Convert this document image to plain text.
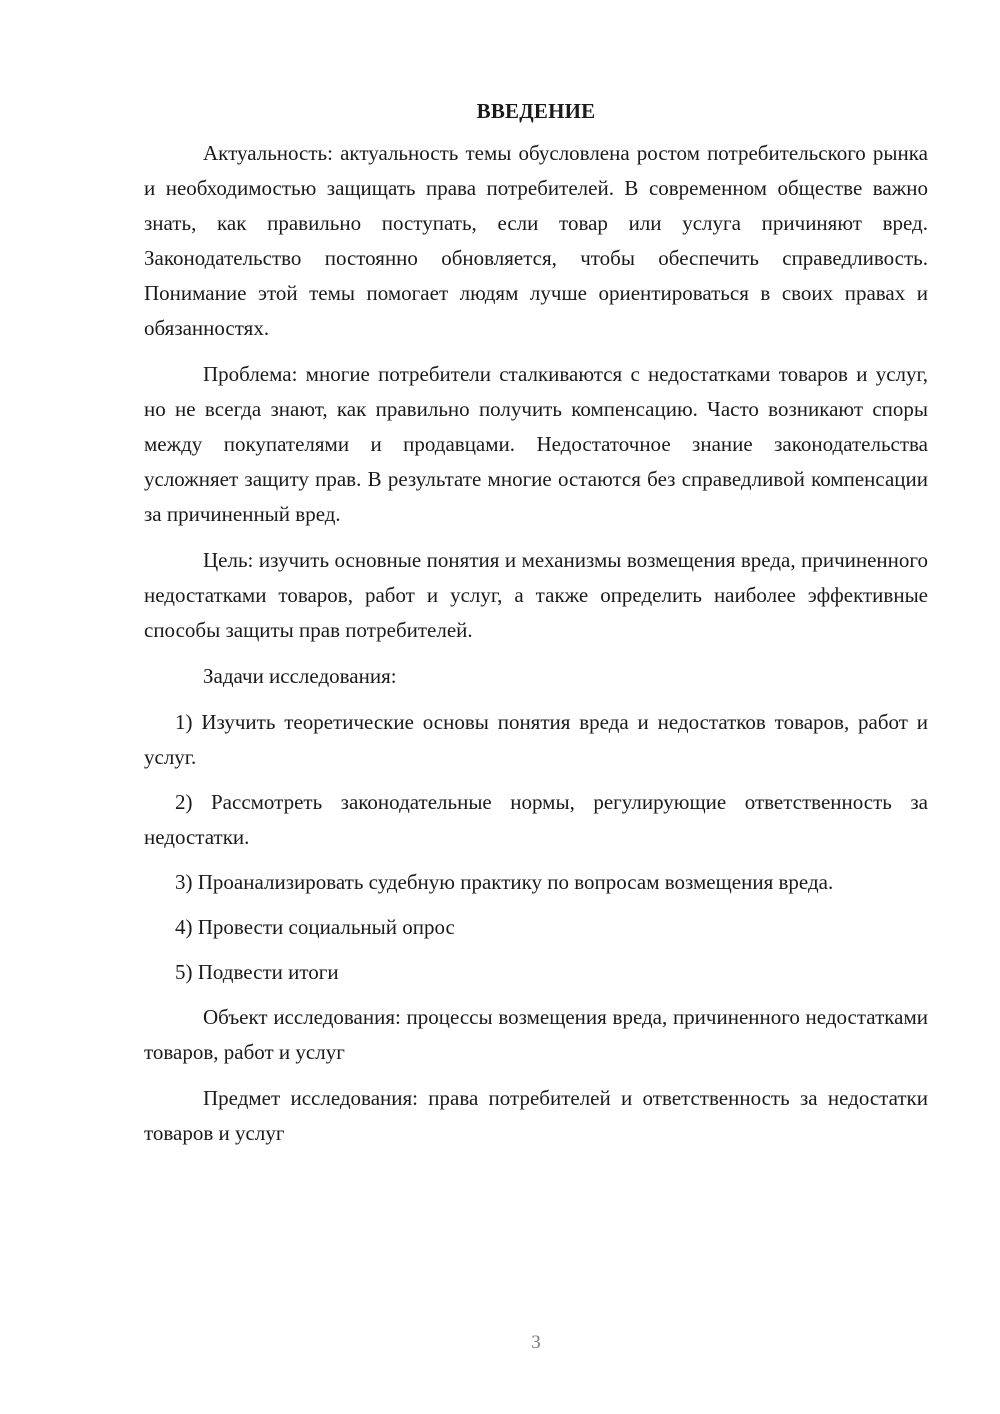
ВВЕДЕНИЕ

Актуальность: актуальность темы обусловлена ростом потребительского рынка и необходимостью защищать права потребителей. В современном обществе важно знать, как правильно поступать, если товар или услуга причиняют вред. Законодательство постоянно обновляется, чтобы обеспечить справедливость. Понимание этой темы помогает людям лучше ориентироваться в своих правах и обязанностях.

Проблема: многие потребители сталкиваются с недостатками товаров и услуг, но не всегда знают, как правильно получить компенсацию. Часто возникают споры между покупателями и продавцами. Недостаточное знание законодательства усложняет защиту прав. В результате многие остаются без справедливой компенсации за причиненный вред.

Цель: изучить основные понятия и механизмы возмещения вреда, причиненного недостатками товаров, работ и услуг, а также определить наиболее эффективные способы защиты прав потребителей.

Задачи исследования:

1) Изучить теоретические основы понятия вреда и недостатков товаров, работ и услуг.

2) Рассмотреть законодательные нормы, регулирующие ответственность за недостатки.

3) Проанализировать судебную практику по вопросам возмещения вреда.

4) Провести социальный опрос

5) Подвести итоги

Объект исследования: процессы возмещения вреда, причиненного недостатками товаров, работ и услуг

Предмет исследования: права потребителей и ответственность за недостатки товаров и услуг

3
